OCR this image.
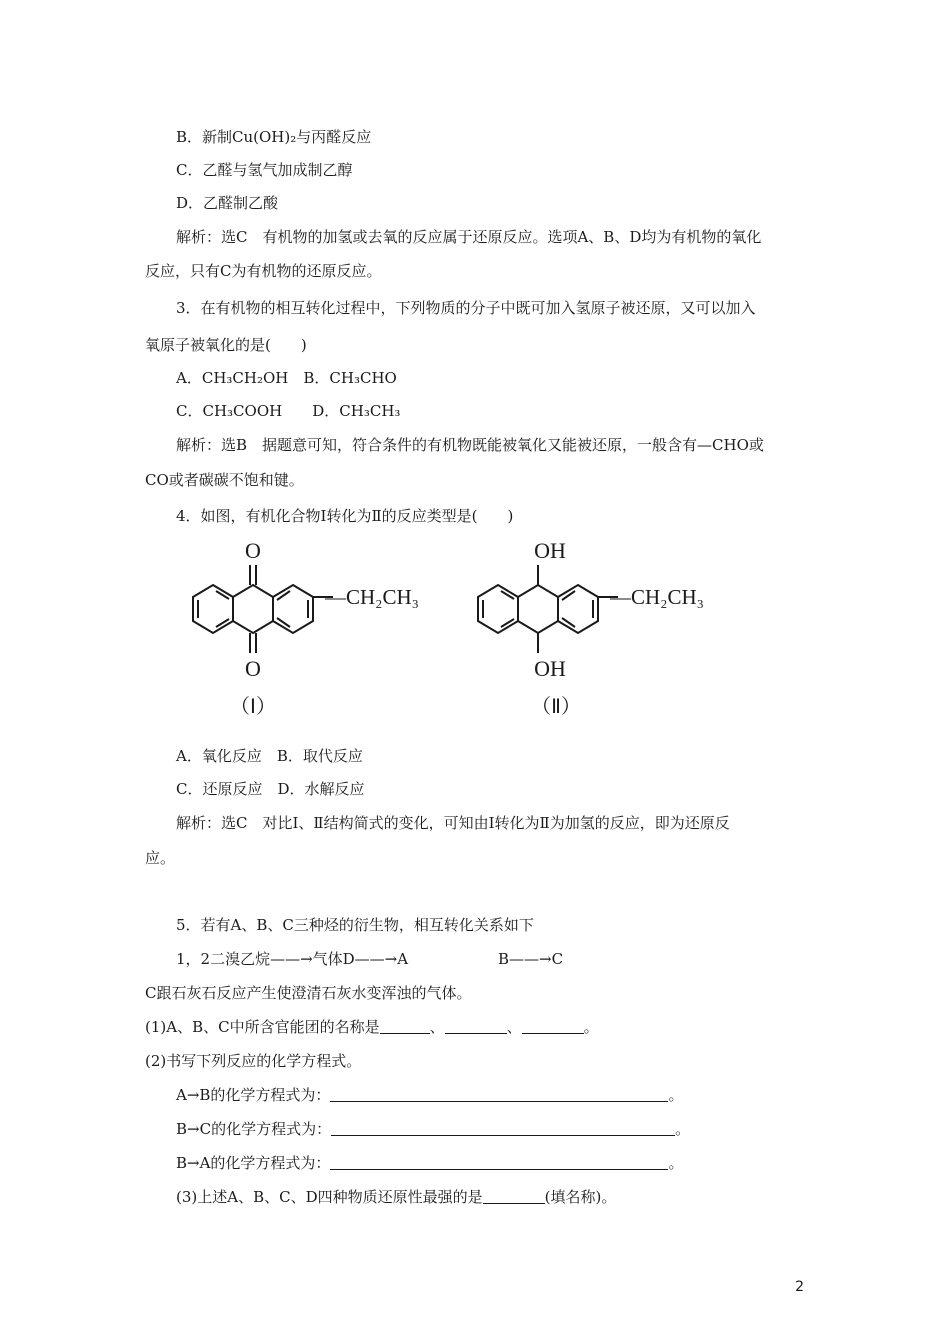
B．新制Cu(OH)₂与丙醛反应
C．乙醛与氢气加成制乙醇
D．乙醛制乙酸
解析：选C　有机物的加氢或去氧的反应属于还原反应。选项A、B、D均为有机物的氧化
反应，只有C为有机物的还原反应。
3．在有机物的相互转化过程中，下列物质的分子中既可加入氢原子被还原，又可以加入
氧原子被氧化的是(　　)
A．CH₃CH₂OH　 B．CH₃CHO
C．CH₃COOH　　 D．CH₃CH₃
解析：选B　据题意可知，符合条件的有机物既能被氧化又能被还原，一般含有—CHO或
CO或者碳碳不饱和键。
4．如图，有机化合物Ⅰ转化为Ⅱ的反应类型是(　　)
O
O
—CH₂CH₃
（Ⅰ）
OH
OH
—CH₂CH₃
（Ⅱ）
A．氧化反应　B．取代反应
C．还原反应　D．水解反应
解析：选C　对比Ⅰ、Ⅱ结构简式的变化，可知由Ⅰ转化为Ⅱ为加氢的反应，即为还原反
应。
5．若有A、B、C三种烃的衍生物，相互转化关系如下
1，2二溴乙烷——→气体D——→A	B——→C
C跟石灰石反应产生使澄清石灰水变浑浊的气体。
(1)A、B、C中所含官能团的名称是	、	、	。
(2)书写下列反应的化学方程式。
A→B的化学方程式为：	。
B→C的化学方程式为：	。
B→A的化学方程式为：	。
(3)上述A、B、C、D四种物质还原性最强的是	(填名称)。
2
